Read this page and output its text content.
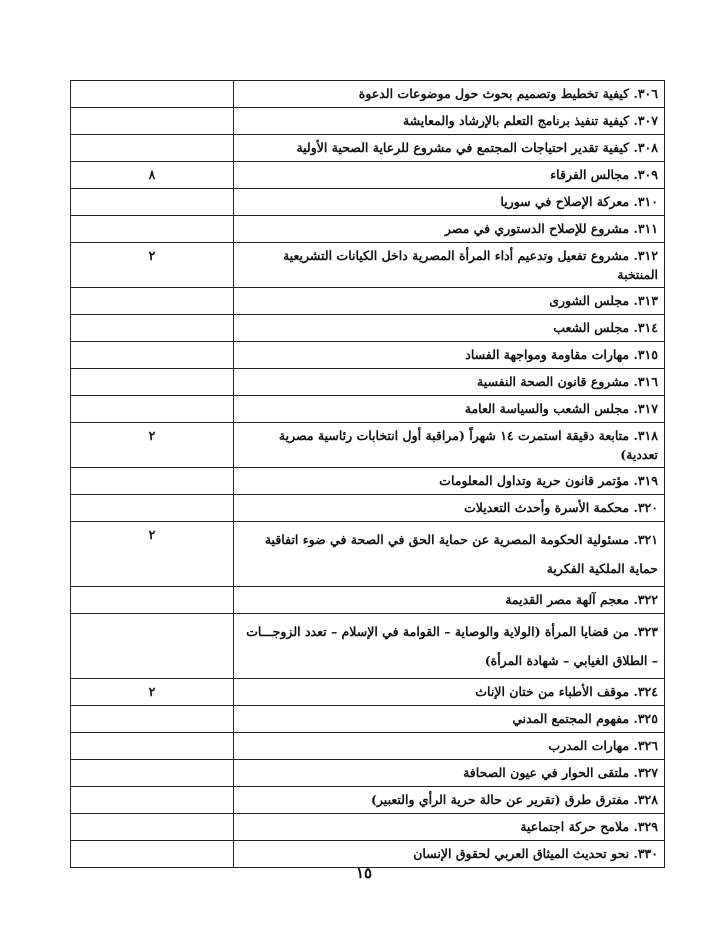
٣٠٦. كيفية تخطيط وتصميم بحوث حول موضوعات الدعوة	
٣٠٧. كيفية تنفيذ برنامج التعلم بالإرشاد والمعايشة	
٣٠٨. كيفية تقدير احتياجات المجتمع في مشروع للرعاية الصحية الأولية	
٣٠٩. مجالس الفرقاء	٨
٣١٠. معركة الإصلاح في سوريا	
٣١١. مشروع للإصلاح الدستوري في مصر	
٣١٢. مشروع تفعيل وتدعيم أداء المرأة المصرية داخل الكيانات التشريعية المنتخبة	٢
٣١٣. مجلس الشورى	
٣١٤. مجلس الشعب	
٣١٥. مهارات مقاومة ومواجهة الفساد	
٣١٦. مشروع قانون الصحة النفسية	
٣١٧. مجلس الشعب والسياسة العامة	
٣١٨. متابعة دقيقة استمرت ١٤ شهراً (مراقبة أول انتخابات رئاسية مصرية تعددية)	٢
٣١٩. مؤتمر قانون حرية وتداول المعلومات	
٣٢٠. محكمة الأسرة وأحدث التعديلات	
٣٢١. مسئولية الحكومة المصرية عن حماية الحق في الصحة في ضوء اتفاقية حماية الملكية الفكرية	٢
٣٢٢. معجم آلهة مصر القديمة	
٣٢٣. من قضايا المرأة (الولاية والوصاية – القوامة في الإسلام – تعدد الزوجـــات – الطلاق الغيابي – شهادة المرأة)	
٣٢٤. موقف الأطباء من ختان الإناث	٢
٣٢٥. مفهوم المجتمع المدني	
٣٢٦. مهارات المدرب	
٣٢٧. ملتقى الحوار في عيون الصحافة	
٣٢٨. مفترق طرق (تقرير عن حالة حرية الرأي والتعبير)	
٣٢٩. ملامح حركة اجتماعية	
٣٣٠. نحو تحديث الميثاق العربي لحقوق الإنسان	
١٥
